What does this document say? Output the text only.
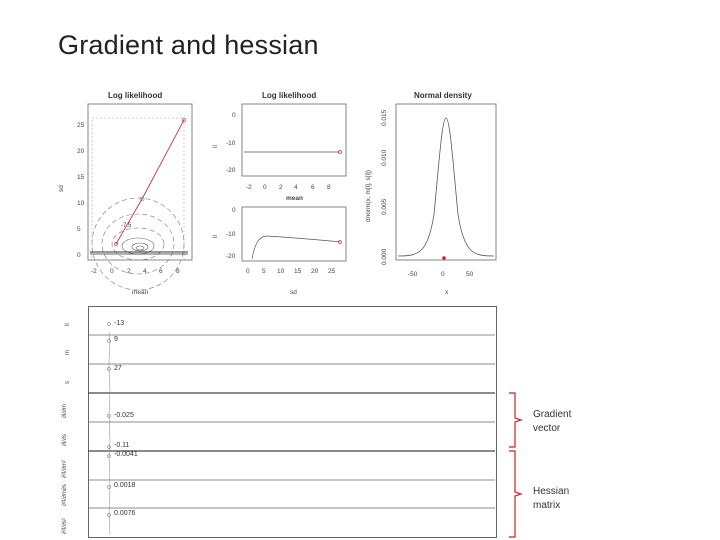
Gradient and hessian
Log likelihood
0
5
10
15
20
25
sd
-2 0 2 4 6 8
mean
-7.5
Log likelihood
0
-10
-20
ll
-2 0 2 4 6 8
mean
0
-10
-20
ll
0 5 10 15 20 25
sd
Normal density
0.015
0.010
0.005
0.000
dnorm(x, m[i], s[i])
-50	0	50
x
ll
m
s
∂l/∂m
∂l/∂s
∂²l/∂m²
∂²l/∂m∂s
∂²l/∂s²
-13
9
27
-0.025
-0.11
-0.0041
0.0018
0.0076
Gradient
vector
Hessian
matrix
